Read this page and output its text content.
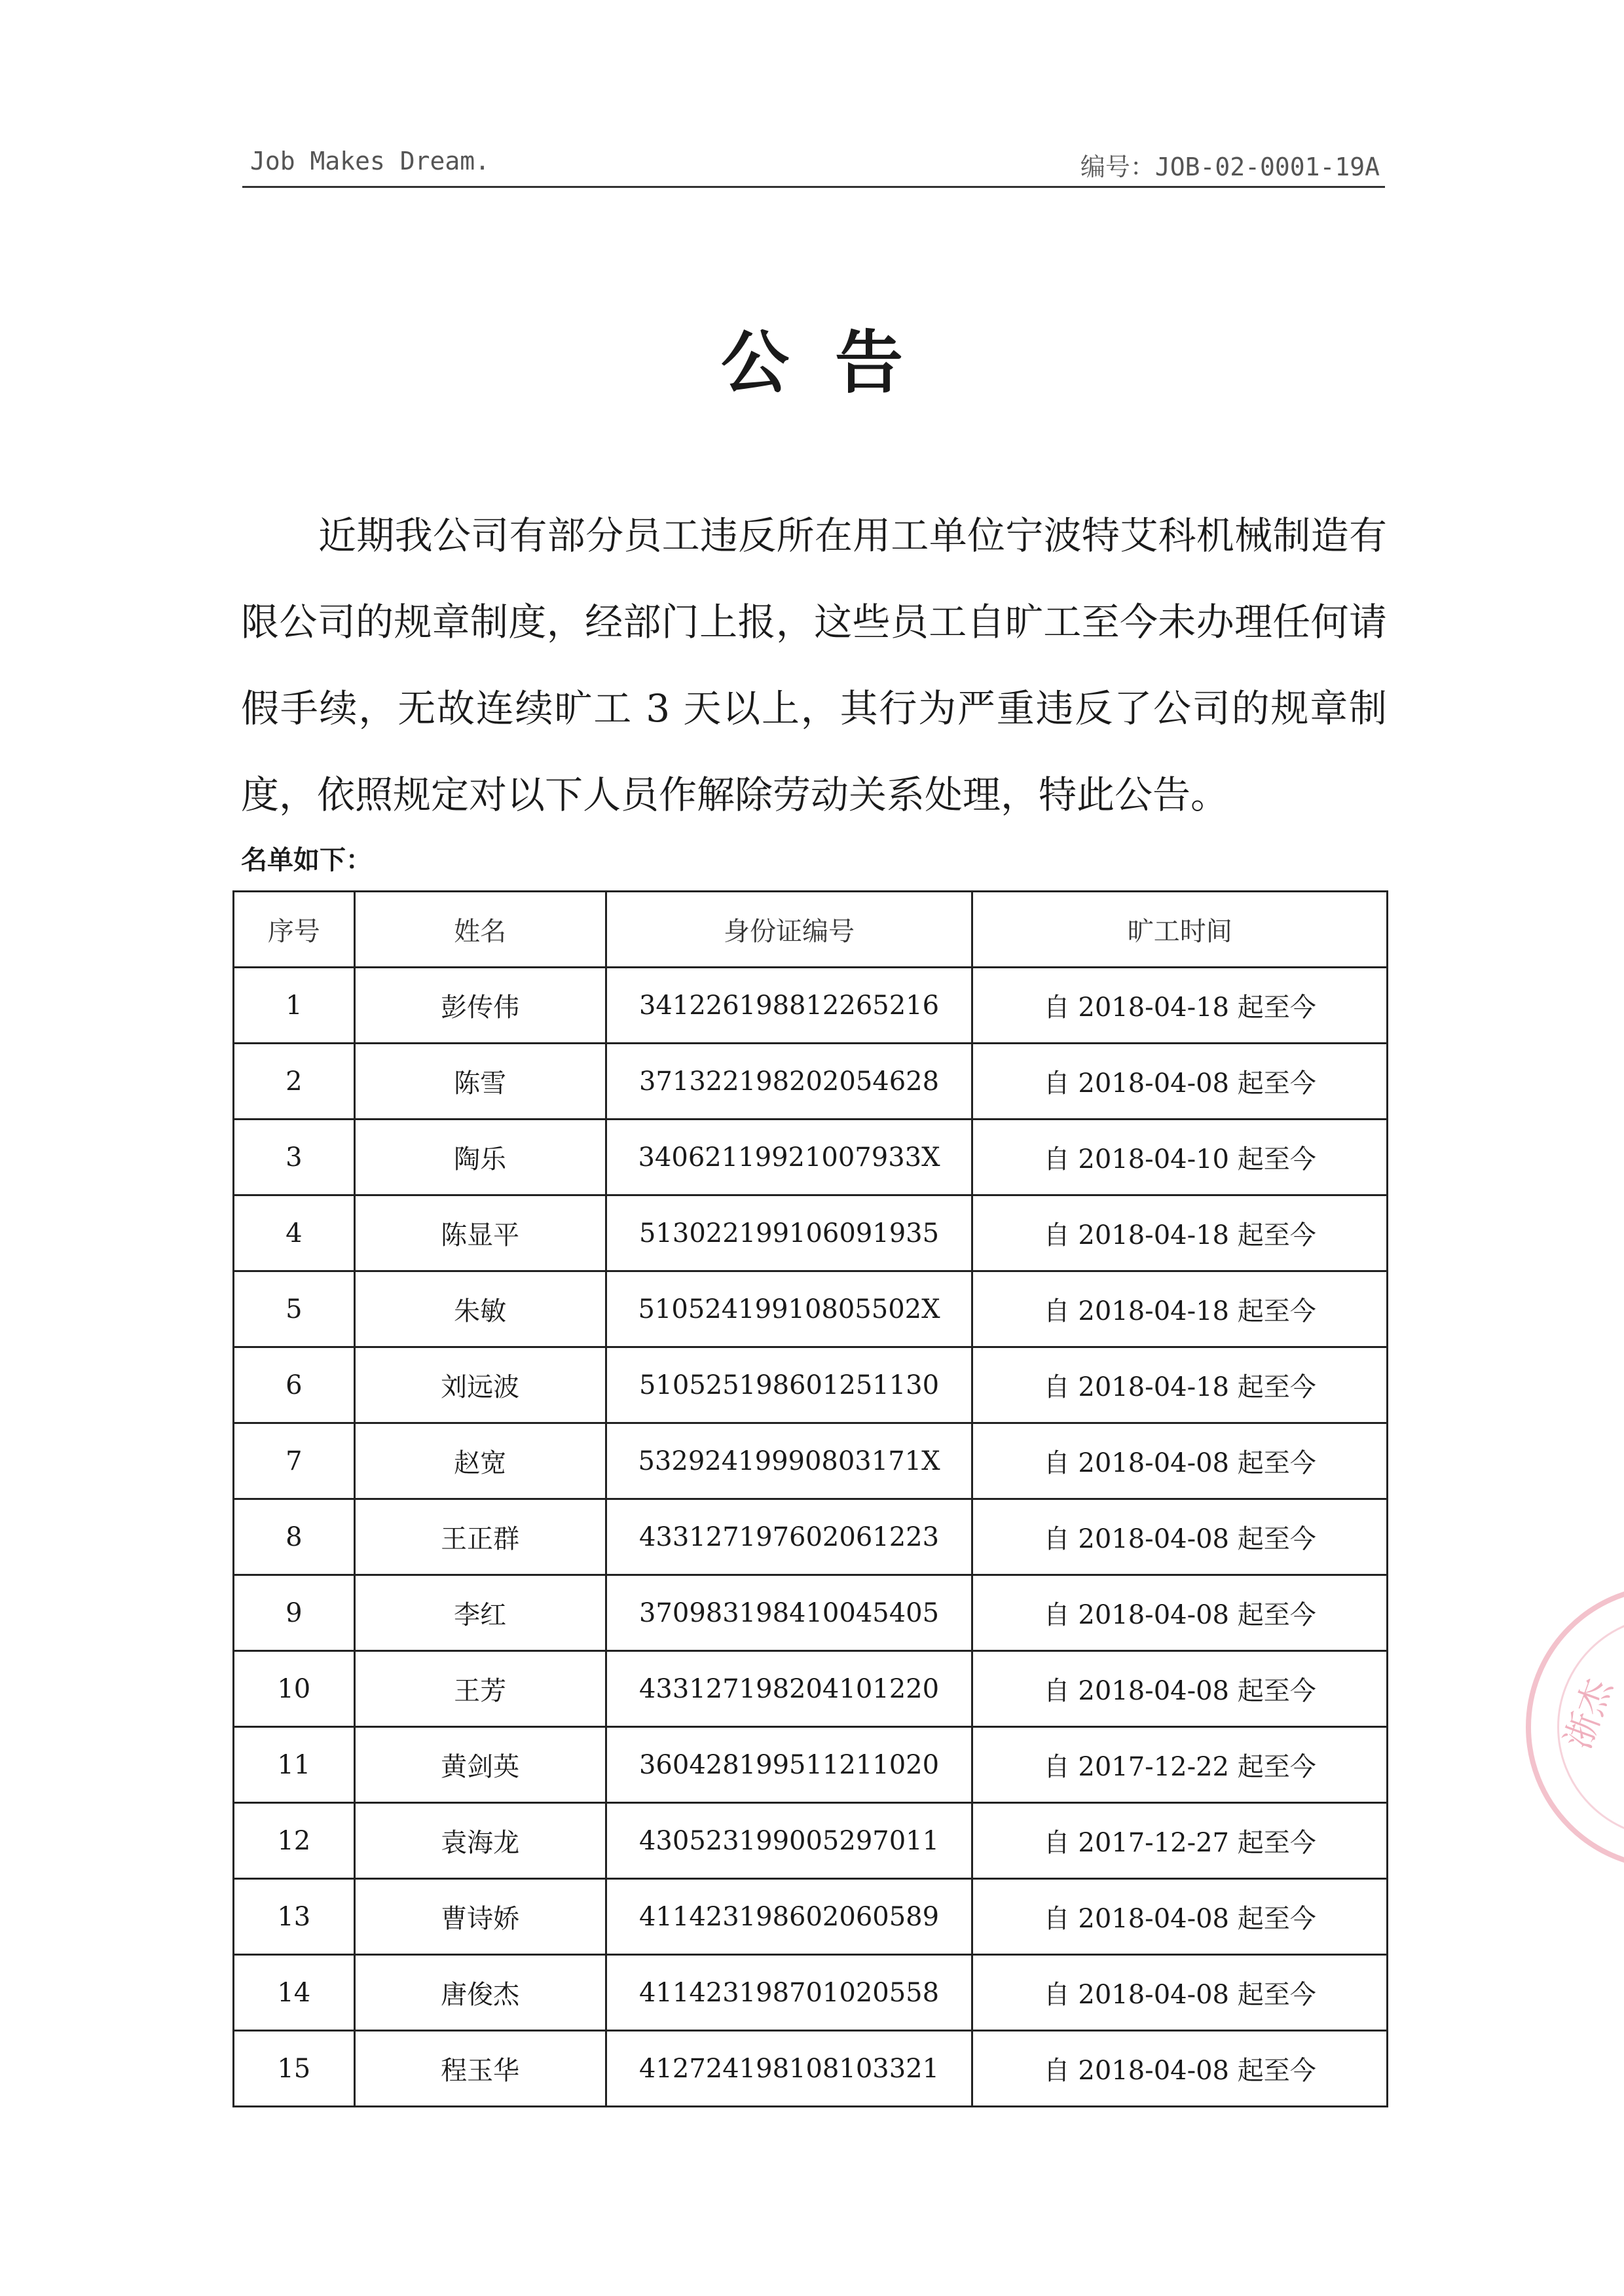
Job Makes Dream.	编号：JOB-02-0001-19A
公告
近期我公司有部分员工违反所在用工单位宁波特艾科机械制造有限公司的规章制度，经部门上报，这些员工自旷工至今未办理任何请假手续，无故连续旷工 3 天以上，其行为严重违反了公司的规章制度，依照规定对以下人员作解除劳动关系处理，特此公告。
名单如下：
序号	姓名	身份证编号	旷工时间
1	彭传伟	341226198812265216	自 2018-04-18 起至今
2	陈雪	371322198202054628	自 2018-04-08 起至今
3	陶乐	34062119921007933X	自 2018-04-10 起至今
4	陈显平	513022199106091935	自 2018-04-18 起至今
5	朱敏	51052419910805502X	自 2018-04-18 起至今
6	刘远波	510525198601251130	自 2018-04-18 起至今
7	赵宽	53292419990803171X	自 2018-04-08 起至今
8	王正群	433127197602061223	自 2018-04-08 起至今
9	李红	370983198410045405	自 2018-04-08 起至今
10	王芳	433127198204101220	自 2018-04-08 起至今
11	黄剑英	360428199511211020	自 2017-12-22 起至今
12	袁海龙	430523199005297011	自 2017-12-27 起至今
13	曹诗娇	411423198602060589	自 2018-04-08 起至今
14	唐俊杰	411423198701020558	自 2018-04-08 起至今
15	程玉华	412724198108103321	自 2018-04-08 起至今
浙杰
